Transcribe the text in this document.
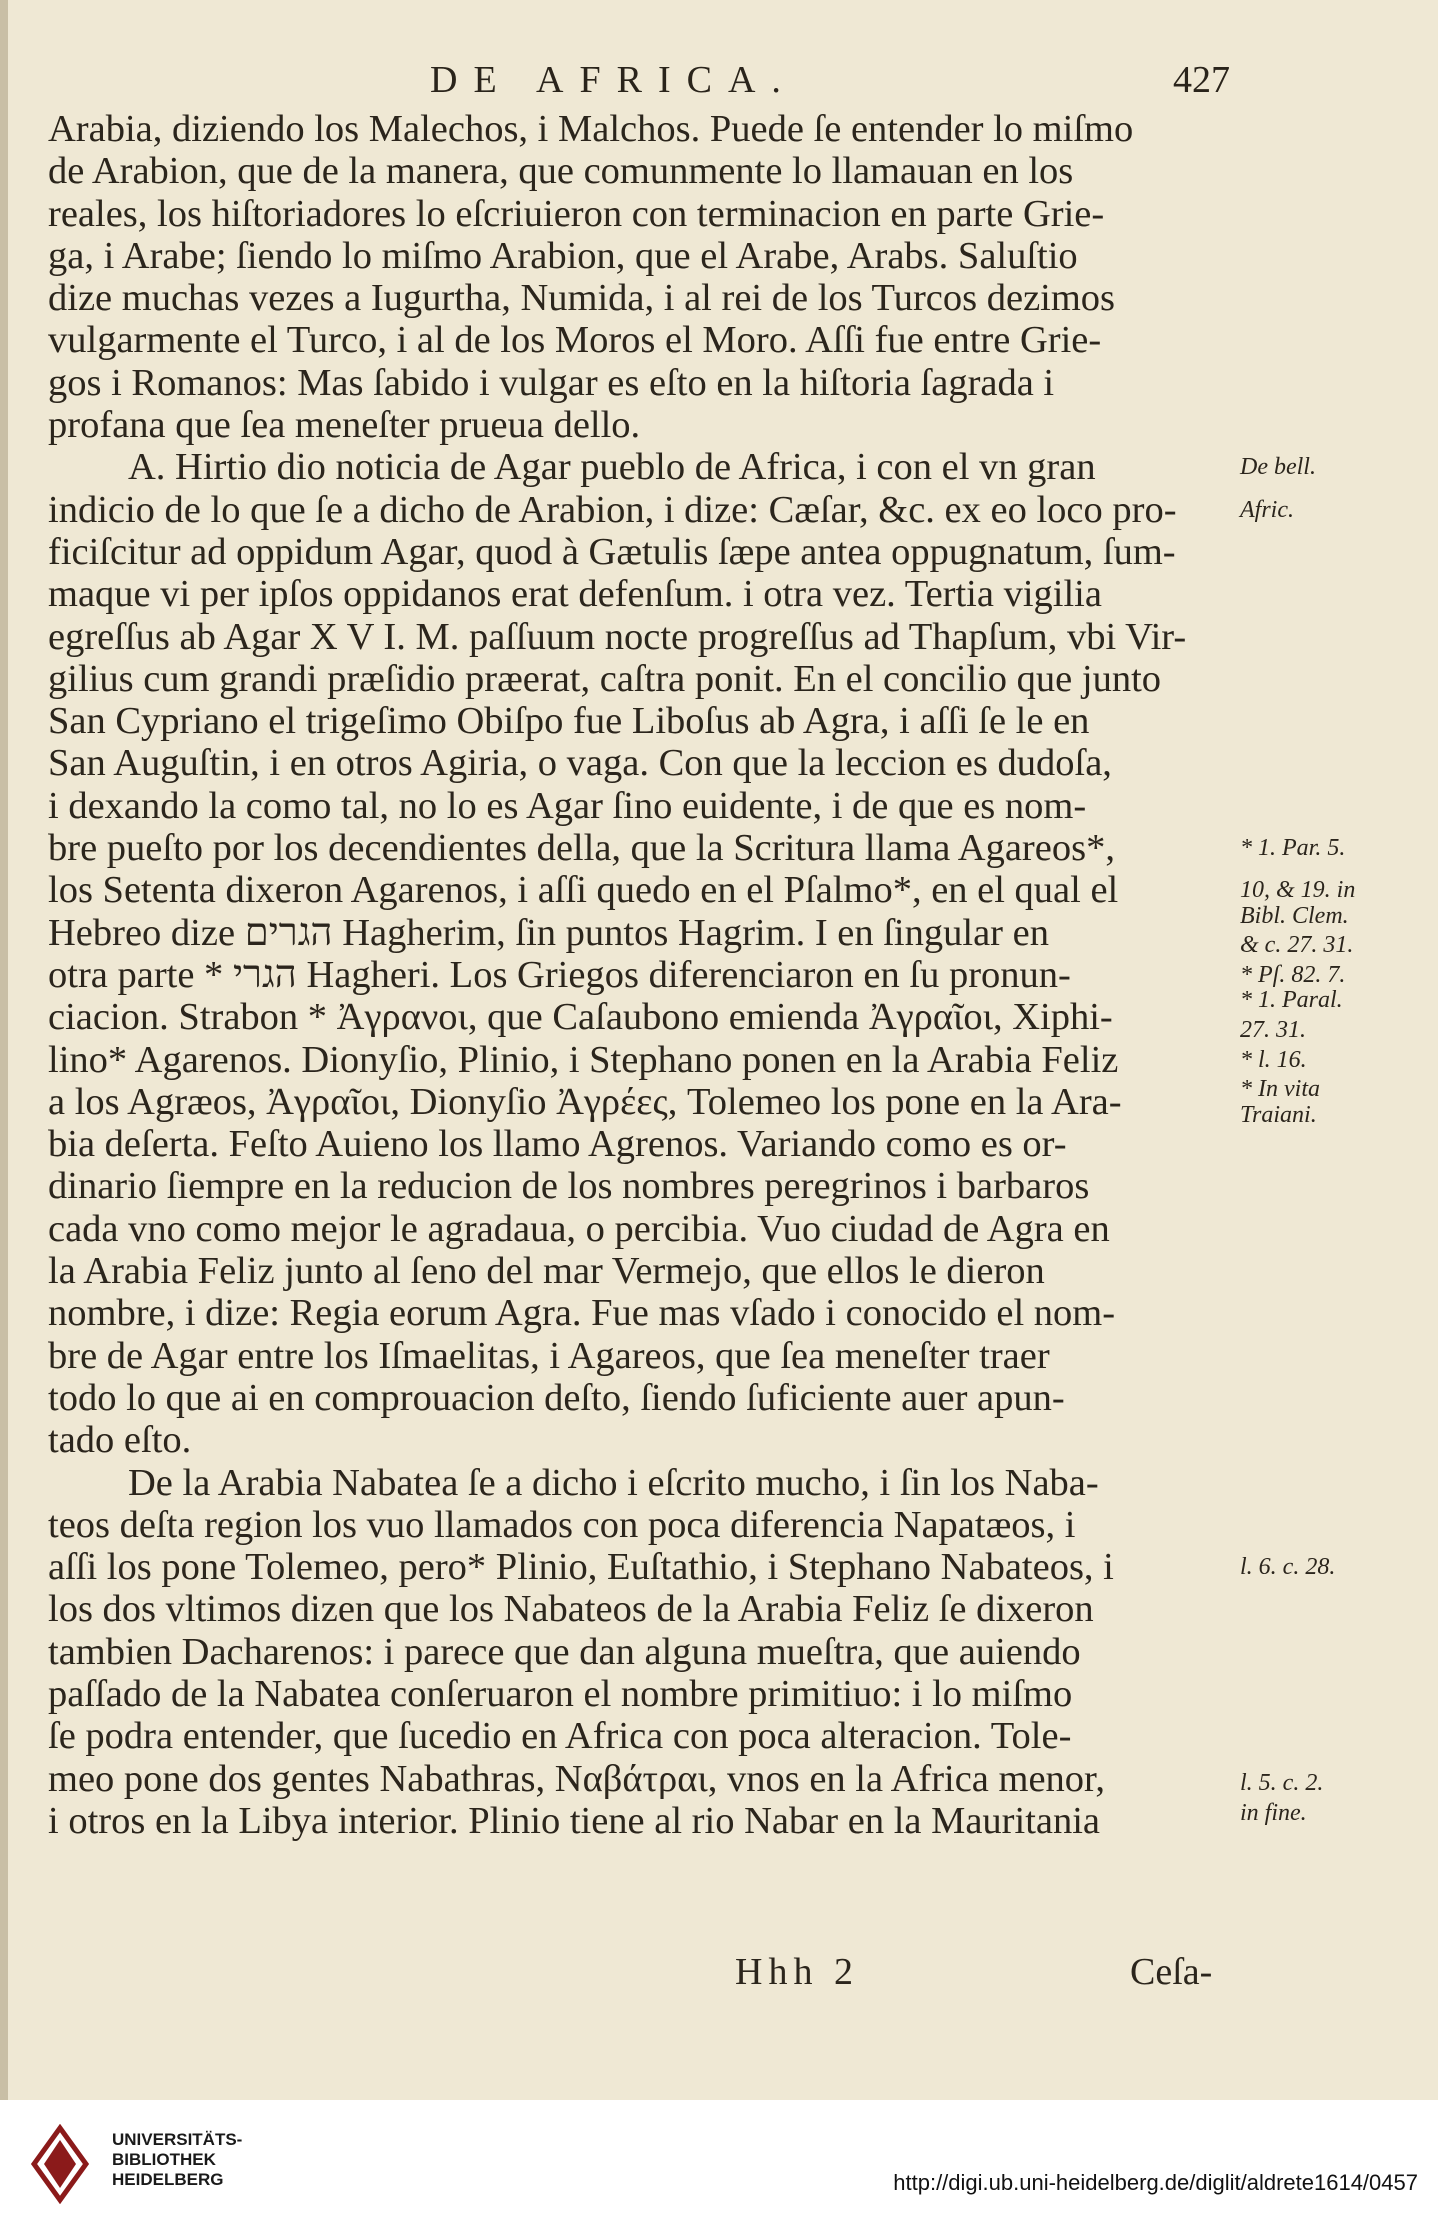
DE AFRICA.	427
Arabia, diziendo los Malechos, i Malchos. Puede ſe entender lo miſmo
de Arabion, que de la manera, que comunmente lo llamauan en los
reales, los hiſtoriadores lo eſcriuieron con terminacion en parte Grie-
ga, i Arabe; ſiendo lo miſmo Arabion, que el Arabe, Arabs. Saluſtio
dize muchas vezes a Iugurtha, Numida, i al rei de los Turcos dezimos
vulgarmente el Turco, i al de los Moros el Moro. Aſſi fue entre Grie-
gos i Romanos: Mas ſabido i vulgar es eſto en la hiſtoria ſagrada i
profana que ſea meneſter prueua dello.
A. Hirtio dio noticia de Agar pueblo de Africa, i con el vn gran
indicio de lo que ſe a dicho de Arabion, i dize: Cæſar, &c. ex eo loco pro-
ficiſcitur ad oppidum Agar, quod à Gætulis ſæpe antea oppugnatum, ſum-
maque vi per ipſos oppidanos erat defenſum. i otra vez. Tertia vigilia
egreſſus ab Agar X V I. M. paſſuum nocte progreſſus ad Thapſum, vbi Vir-
gilius cum grandi præſidio præerat, caſtra ponit. En el concilio que junto
San Cypriano el trigeſimo Obiſpo fue Liboſus ab Agra, i aſſi ſe le en
San Auguſtin, i en otros Agiria, o vaga. Con que la leccion es dudoſa,
i dexando la como tal, no lo es Agar ſino euidente, i de que es nom-
bre pueſto por los decendientes della, que la Scritura llama Agareos*,
los Setenta dixeron Agarenos, i aſſi quedo en el Pſalmo*, en el qual el
Hebreo dize הגרים Hagherim, ſin puntos Hagrim. I en ſingular en
otra parte * הגרי Hagheri. Los Griegos diferenciaron en ſu pronun-
ciacion. Strabon * Ἀγρανοι, que Caſaubono emienda Ἀγραῖοι, Xiphi-
lino* Agarenos. Dionyſio, Plinio, i Stephano ponen en la Arabia Feliz
a los Agræos, Ἀγραῖοι, Dionyſio Ἀγρέες, Tolemeo los pone en la Ara-
bia deſerta. Feſto Auieno los llamo Agrenos. Variando como es or-
dinario ſiempre en la reducion de los nombres peregrinos i barbaros
cada vno como mejor le agradaua, o percibia. Vuo ciudad de Agra en
la Arabia Feliz junto al ſeno del mar Vermejo, que ellos le dieron
nombre, i dize: Regia eorum Agra. Fue mas vſado i conocido el nom-
bre de Agar entre los Iſmaelitas, i Agareos, que ſea meneſter traer
todo lo que ai en comprouacion deſto, ſiendo ſuficiente auer apun-
tado eſto.
De la Arabia Nabatea ſe a dicho i eſcrito mucho, i ſin los Naba-
teos deſta region los vuo llamados con poca diferencia Napatæos, i
aſſi los pone Tolemeo, pero* Plinio, Euſtathio, i Stephano Nabateos, i
los dos vltimos dizen que los Nabateos de la Arabia Feliz ſe dixeron
tambien Dacharenos: i parece que dan alguna mueſtra, que auiendo
paſſado de la Nabatea conſeruaron el nombre primitiuo: i lo miſmo
ſe podra entender, que ſucedio en Africa con poca alteracion. Tole-
meo pone dos gentes Nabathras, Ναβάτραι, vnos en la Africa menor,
i otros en la Libya interior. Plinio tiene al rio Nabar en la Mauritania
De bell.
Afric.
* 1. Par. 5.
10, & 19. in
Bibl. Clem.
& c. 27. 31.
* Pſ. 82. 7.
* 1. Paral.
27. 31.
* l. 16.
* In vita
Traiani.
l. 6. c. 28.
l. 5. c. 2.
in fine.
Hhh 2	Ceſa-
UNIVERSITÄTS-
BIBLIOTHEK
HEIDELBERG	http://digi.ub.uni-heidelberg.de/diglit/aldrete1614/0457
